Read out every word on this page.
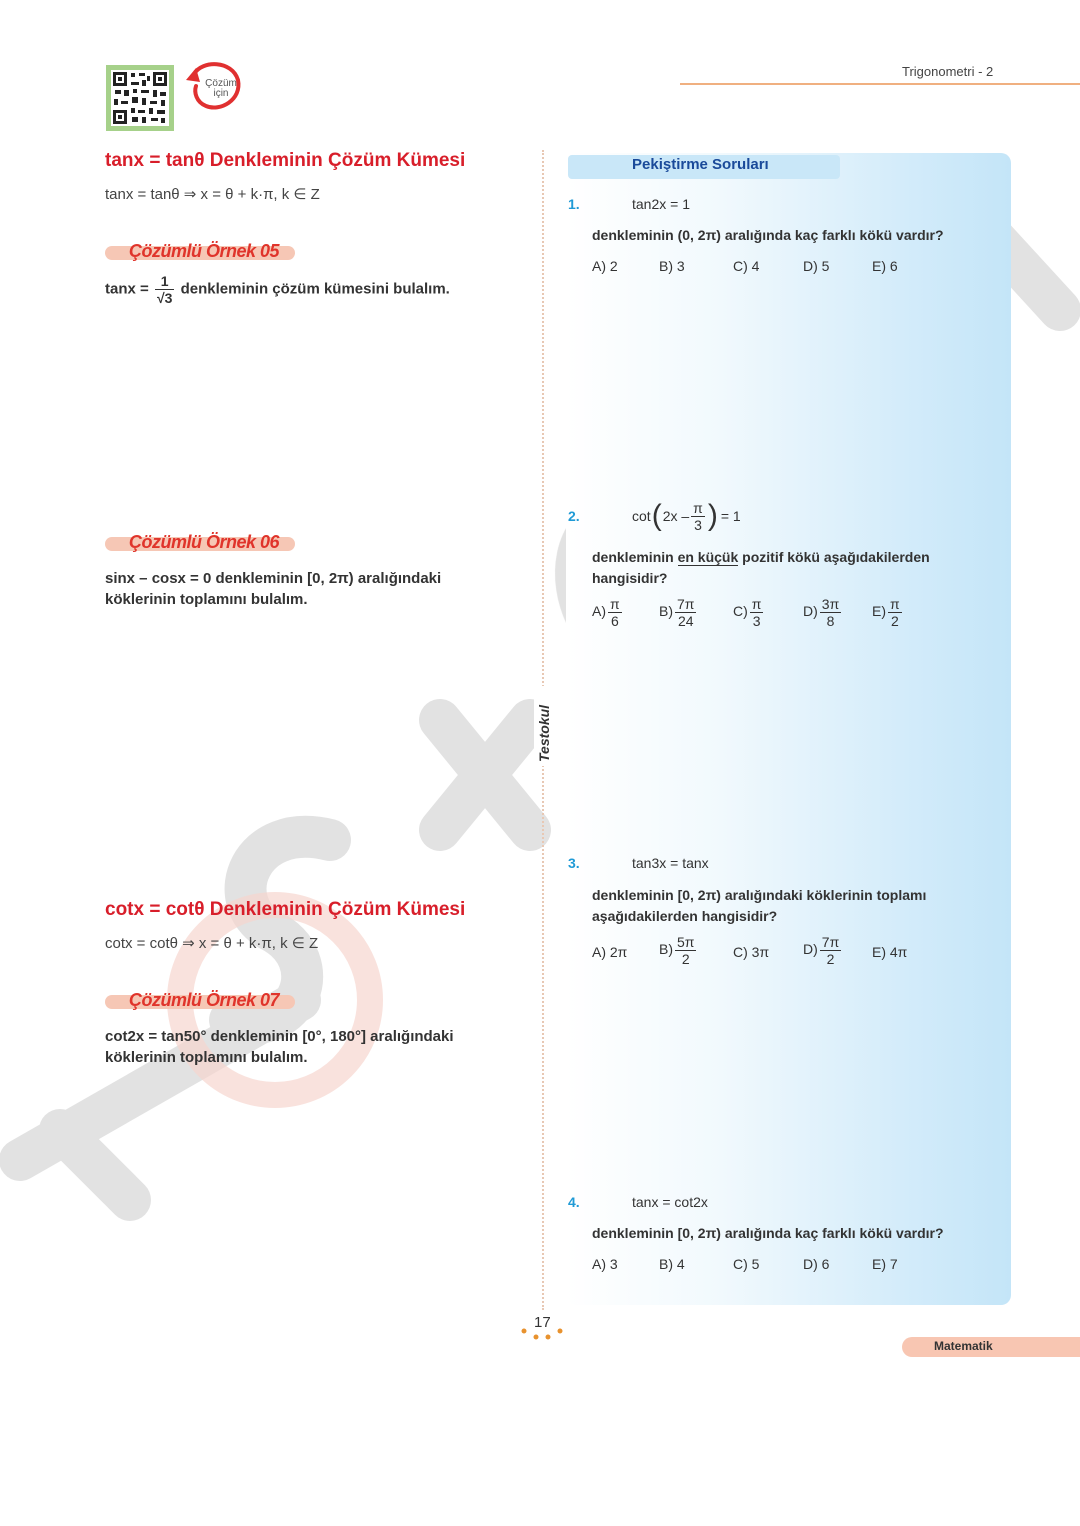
Çözüm
için
Trigonometri - 2
tanx = tanθ Denkleminin Çözüm Kümesi
tanx = tanθ ⇒ x = θ + k·π, k ∈ Z
Çözümlü Örnek 05
$\tan x = \frac{1}{√3}$ denkleminin çözüm kümesini bulalım.
Çözümlü Örnek 06
sinx – cosx = 0 denkleminin [0, 2π) aralığındaki
köklerinin toplamını bulalım.
cotx = cotθ Denkleminin Çözüm Kümesi
cotx = cotθ ⇒ x = θ + k·π, k ∈ Z
Çözümlü Örnek 07
cot2x = tan50° denkleminin [0°, 180°] aralığındaki
köklerinin toplamını bulalım.
Testokul
Pekiştirme Soruları
1.	tan2x = 1
denkleminin (0, 2π) aralığında kaç farklı kökü vardır?
A) 2	B) 3	C) 4	D) 5	E) 6
2.	cot ( $2x - \frac{\pi}{3}$ ) = 1
denkleminin en küçük pozitif kökü aşağıdakilerden
hangisidir?
$A) \frac{\pi}{6}$	$B) \frac{7\pi}{24}$	$C) \frac{\pi}{3}$	$D) \frac{3\pi}{8} E) \frac{\pi}{2}$
3.	tan3x = tanx
denkleminin [0, 2π) aralığındaki köklerinin toplamı
aşağıdakilerden hangisidir?
A) 2π $B) \frac{5\pi}{2}$	C) 3π $D) \frac{7\pi}{2} E$) 4π
4.	tanx = cot2x
denkleminin [0, 2π) aralığında kaç farklı kökü vardır?
A) 3	B) 4	C) 5	D) 6	E) 7
17
Matematik
